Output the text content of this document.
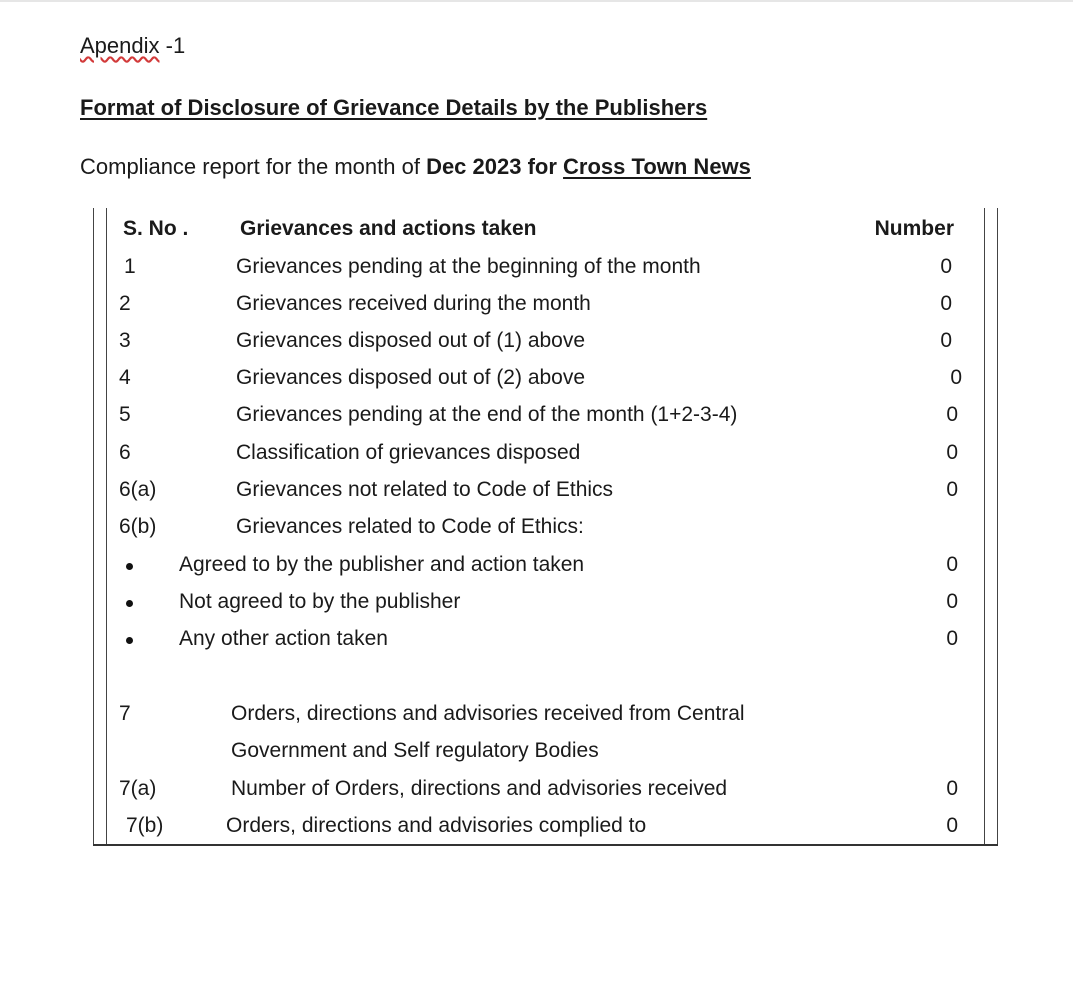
Apendix -1
Format of Disclosure of Grievance Details by the Publishers
Compliance report for the month of Dec 2023 for Cross Town News
S. No . Grievances and actions taken	Number
1	Grievances pending at the beginning of the month	0
2	Grievances received during the month	0
3	Grievances disposed out of (1) above	0
4	Grievances disposed out of (2) above	0
5	Grievances pending at the end of the month (1+2-3-4)	0
6	Classification of grievances disposed	0
6(a)	Grievances not related to Code of Ethics	0
6(b)	Grievances related to Code of Ethics:
Agreed to by the publisher and action taken	0
Not agreed to by the publisher	0
Any other action taken	0
7	Orders, directions and advisories received from Central
Government and Self regulatory Bodies
7(a)	Number of Orders, directions and advisories received	0
7(b)	Orders, directions and advisories complied to	0
